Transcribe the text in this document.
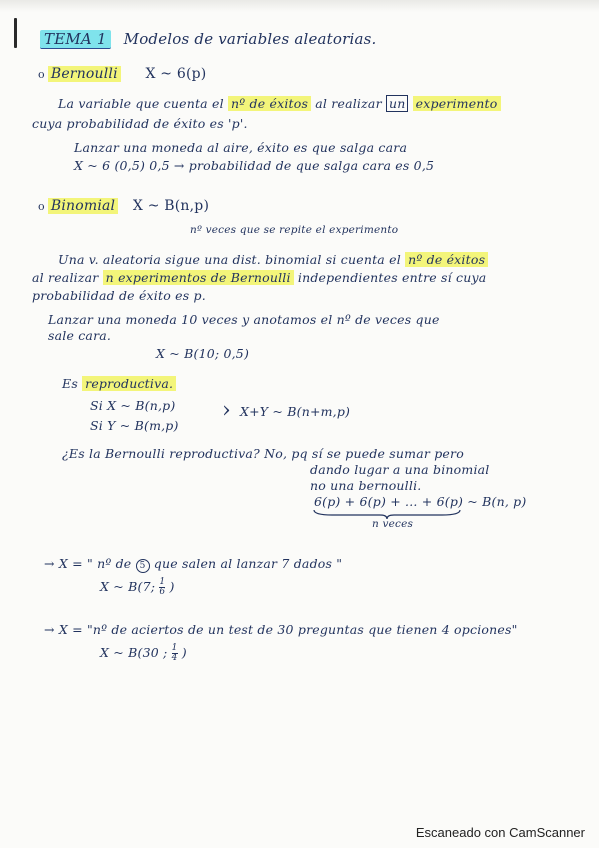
TEMA 1 Modelos de variables aleatorias.
o Bernoulli X ~ 6(p)
La variable que cuenta el nº de éxitos al realizar un experimento
cuya probabilidad de éxito es 'p'.
Lanzar una moneda al aire, éxito es que salga cara
X ~ 6 (0,5) 0,5 → probabilidad de que salga cara es 0,5
o Binomial X ~ B(n,p)
nº veces que se repite el experimento
Una v. aleatoria sigue una dist. binomial si cuenta el nº de éxitos
al realizar n experimentos de Bernoulli independientes entre sí cuya
probabilidad de éxito es p.
Lanzar una moneda 10 veces y anotamos el nº de veces que
sale cara.
X ~ B(10; 0,5)
Es reproductiva.
Si X ~ B(n,p)
Si Y ~ B(m,p)
› X+Y ~ B(n+m,p)
¿Es la Bernoulli reproductiva? No, pq sí se puede sumar pero
dando lugar a una binomial
no una bernoulli.
6(p) + 6(p) + ... + 6(p) ~ B(n, p)
n veces
→ X = " nº de 5 que salen al lanzar 7 dados "
X ~ B(7; $\frac{1}{6}$ )
→ X = "nº de aciertos de un test de 30 preguntas que tienen 4 opciones"
X ~ B(30 ; $\frac{1}{4}$ )
Escaneado con CamScanner
